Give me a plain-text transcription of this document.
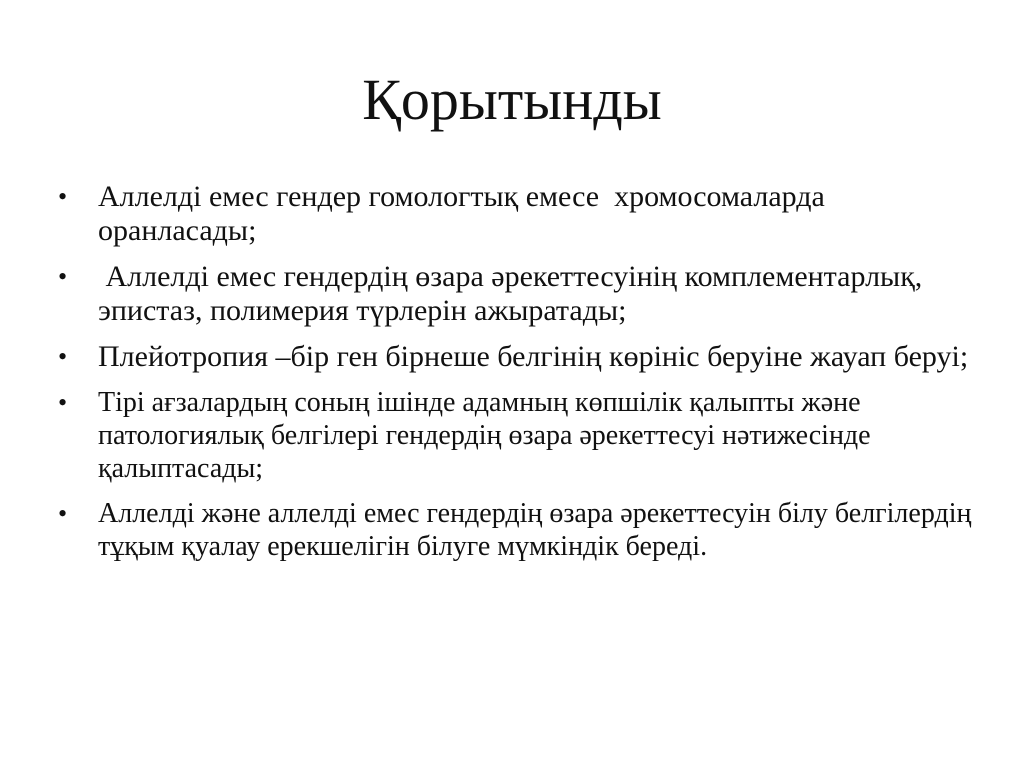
Қорытынды
•	Аллелді емес гендер гомологтық емесе  хромосомаларда оранласады;
•	Аллелді емес гендердің өзара әрекеттесуінің комплементарлық, эпистаз, полимерия түрлерін ажыратады;
•	Плейотропия –бір ген бірнеше белгінің көрініс беруіне жауап беруі;
•	Тірі ағзалардың соның ішінде адамның көпшілік қалыпты және патологиялық белгілері гендердің өзара әрекеттесуі нәтижесінде қалыптасады;
•	Аллелді және аллелді емес гендердің өзара әрекеттесуін білу белгілердің тұқым қуалау ерекшелігін білуге мүмкіндік береді.
